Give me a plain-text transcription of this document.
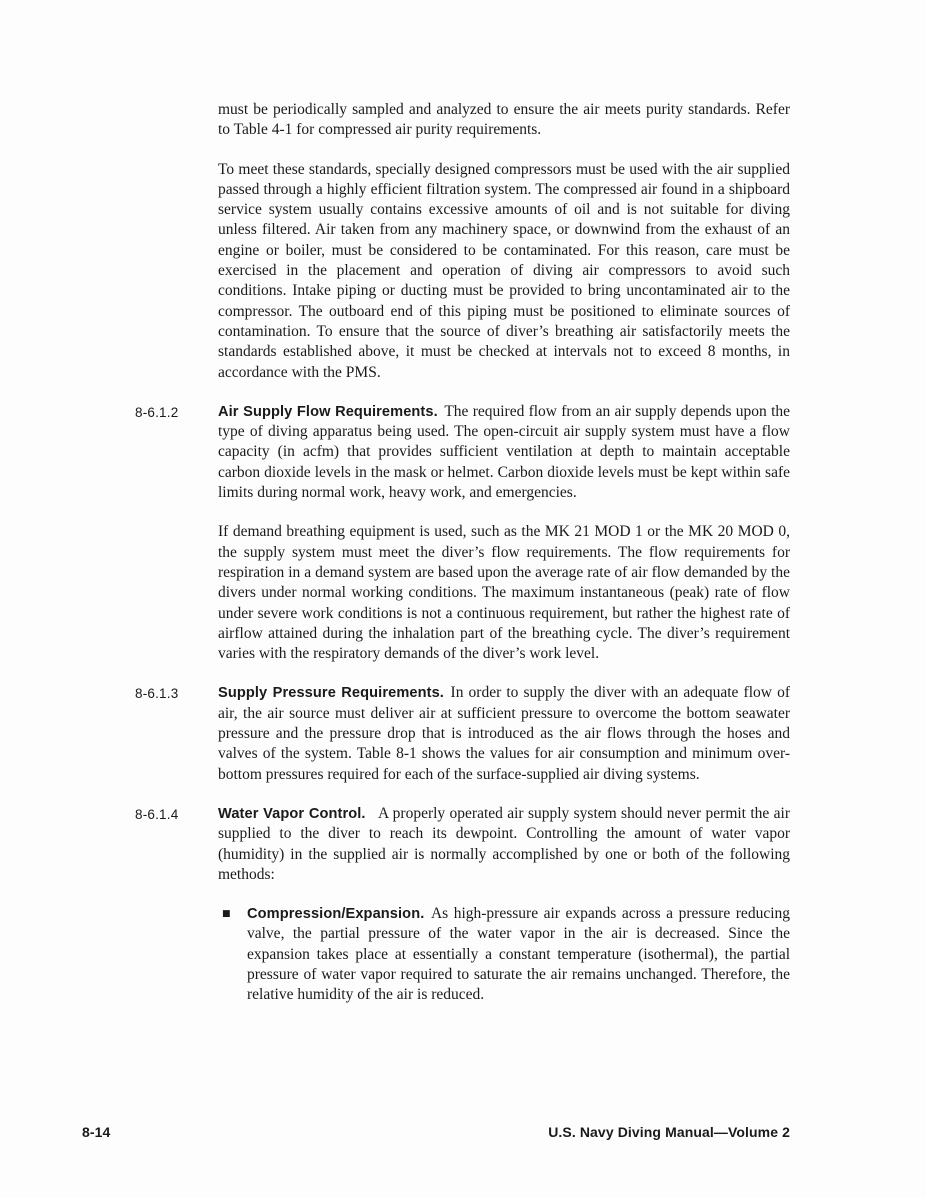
must be periodically sampled and analyzed to ensure the air meets purity standards. Refer to Table 4-1 for compressed air purity requirements.

To meet these standards, specially designed compressors must be used with the air supplied passed through a highly efficient filtration system. The compressed air found in a shipboard service system usually contains excessive amounts of oil and is not suitable for diving unless filtered. Air taken from any machinery space, or downwind from the exhaust of an engine or boiler, must be considered to be contaminated. For this reason, care must be exercised in the placement and operation of diving air compressors to avoid such conditions. Intake piping or ducting must be provided to bring uncontaminated air to the compressor. The outboard end of this piping must be positioned to eliminate sources of contamination. To ensure that the source of diver’s breathing air satisfactorily meets the standards established above, it must be checked at intervals not to exceed 8 months, in accordance with the PMS.

8-6.1.2	Air Supply Flow Requirements. The required flow from an air supply depends upon the type of diving apparatus being used. The open-circuit air supply system must have a flow capacity (in acfm) that provides sufficient ventilation at depth to maintain acceptable carbon dioxide levels in the mask or helmet. Carbon dioxide levels must be kept within safe limits during normal work, heavy work, and emergencies.

If demand breathing equipment is used, such as the MK 21 MOD 1 or the MK 20 MOD 0, the supply system must meet the diver’s flow requirements. The flow requirements for respiration in a demand system are based upon the average rate of air flow demanded by the divers under normal working conditions. The maximum instantaneous (peak) rate of flow under severe work conditions is not a continuous requirement, but rather the highest rate of airflow attained during the inhalation part of the breathing cycle. The diver’s requirement varies with the respiratory demands of the diver’s work level.

8-6.1.3	Supply Pressure Requirements. In order to supply the diver with an adequate flow of air, the air source must deliver air at sufficient pressure to overcome the bottom seawater pressure and the pressure drop that is introduced as the air flows through the hoses and valves of the system. Table 8-1 shows the values for air consumption and minimum over-bottom pressures required for each of the surface-supplied air diving systems.

8-6.1.4	Water Vapor Control. A properly operated air supply system should never permit the air supplied to the diver to reach its dewpoint. Controlling the amount of water vapor (humidity) in the supplied air is normally accomplished by one or both of the following methods:

■	Compression/Expansion. As high-pressure air expands across a pressure reducing valve, the partial pressure of the water vapor in the air is decreased. Since the expansion takes place at essentially a constant temperature (isothermal), the partial pressure of water vapor required to saturate the air remains unchanged. Therefore, the relative humidity of the air is reduced.

8-14	U.S. Navy Diving Manual—Volume 2
